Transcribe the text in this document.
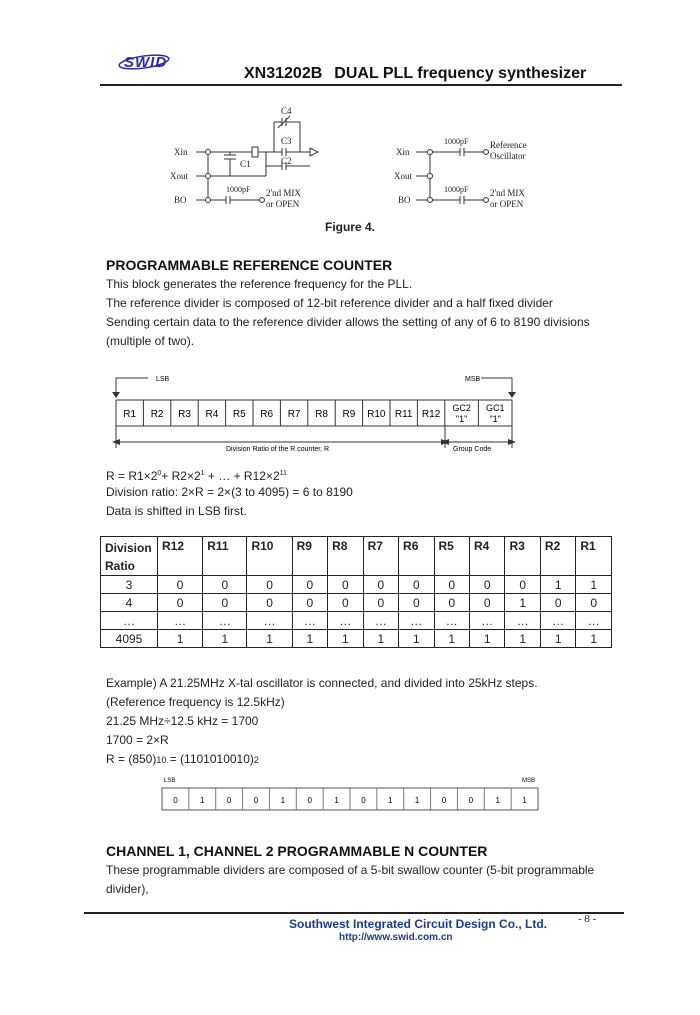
SWID
XN31202B DUAL PLL frequency synthesizer
Xin
Xout
BO
C1	C2
C3
C4
1000pF 2'nd MIX
or OPEN
Xin
Xout
BO
1000pF
1000pF
Reference
Oscillator
2'nd MIX
or OPEN
Figure 4.
PROGRAMMABLE REFERENCE COUNTER
This block generates the reference frequency for the PLL.
The reference divider is composed of 12-bit reference divider and a half fixed divider
Sending certain data to the reference divider allows the setting of any of 6 to 8190 divisions
(multiple of two).
LSB	MSB
R1 R2 R3 R4 R5 R6 R7 R8 R9 R10 R11 R12
GC2
"1"
GC1
"1"
Division Ratio of the R counter, R	Group Code
$R = R1\times 2^0+ R2\times 2^1$ + … + $R12\times 2^{11}$
Division ratio: 2×R = 2×(3 to 4095) = 6 to 8190
Data is shifted in LSB first.
Division Ratio	R12	R11	R10	R9	R8	R7	R6	R5	R4	R3	R2	R1
3	0	0	0	0	0	0	0	0	0	0	1	1
4	0	0	0	0	0	0	0	0	0	1	0	0
…	…	…	…	…	…	…	…	…	…	…	…	…
4095	1	1	1	1	1	1	1	1	1	1	1	1
Example) A 21.25MHz X-tal oscillator is connected, and divided into 25kHz steps.
(Reference frequency is 12.5kHz)
21.25 MHz÷12.5 kHz = 1700
1700 = 2×R
R = (850)10 = (1101010010)2
LSB	MSB
0	1	0	0	1	0	1	0	1	1	0	0	1	1
CHANNEL 1, CHANNEL 2 PROGRAMMABLE N COUNTER
These programmable dividers are composed of a 5-bit swallow counter (5-bit programmable
divider),
Southwest Integrated Circuit Design Co., Ltd.
http://www.swid.com.cn
- 8 -
